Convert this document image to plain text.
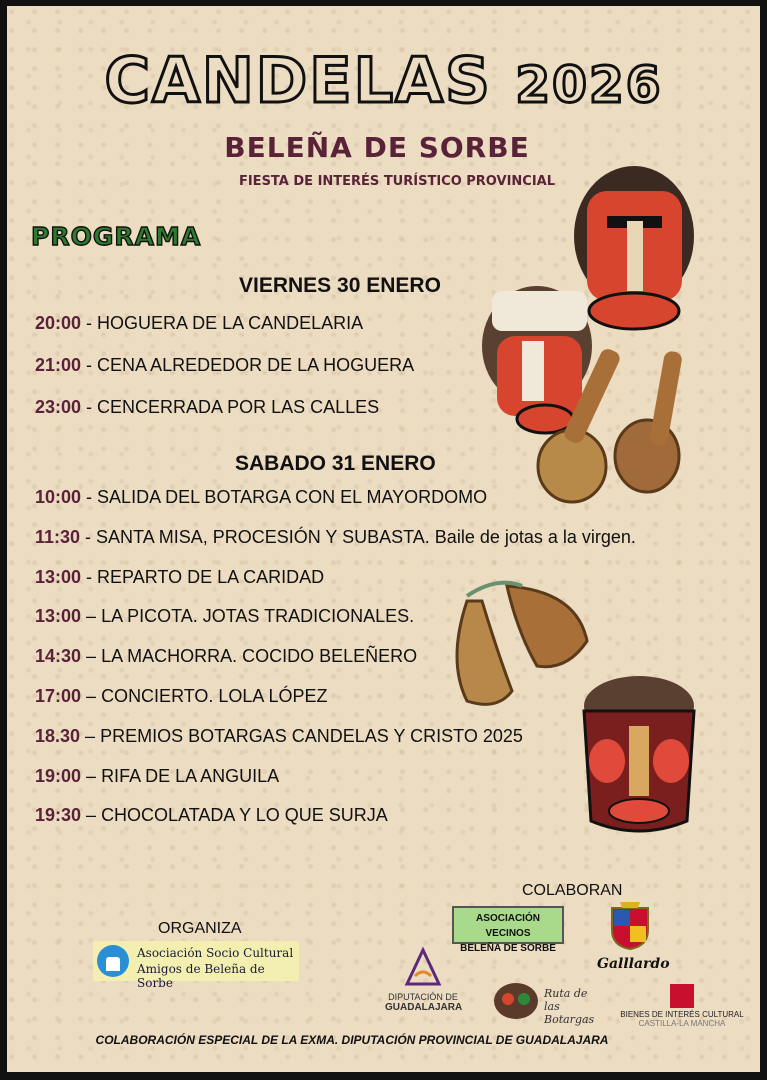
CANDELAS 2026
BELEÑA DE SORBE
FIESTA DE INTERÉS TURÍSTICO PROVINCIAL
PROGRAMA
VIERNES 30 ENERO
20:00 - HOGUERA DE LA CANDELARIA
21:00 - CENA ALREDEDOR DE LA HOGUERA
23:00 - CENCERRADA POR LAS CALLES
SABADO 31 ENERO
10:00 - SALIDA DEL BOTARGA CON EL MAYORDOMO
11:30 - SANTA MISA, PROCESIÓN Y SUBASTA. Baile de jotas a la virgen.
13:00 - REPARTO DE LA CARIDAD
13:00 – LA PICOTA. JOTAS TRADICIONALES.
14:30 – LA MACHORRA. COCIDO BELEÑERO
17:00 – CONCIERTO. LOLA LÓPEZ
18.30 – PREMIOS BOTARGAS CANDELAS Y CRISTO 2025
19:00 – RIFA DE LA ANGUILA
19:30 – CHOCOLATADA Y LO QUE SURJA
ORGANIZA
Asociación Socio Cultural
Amigos de Beleña de Sorbe
COLABORAN
ASOCIACIÓN VECINOS
BELEÑA DE SORBE
DIPUTACIÓN DE
GUADALAJARA
Ruta de las Botargas
Galllardo
BIENES DE INTERÉS CULTURAL
CASTILLA-LA MANCHA
COLABORACIÓN ESPECIAL DE LA EXMA. DIPUTACIÓN PROVINCIAL DE GUADALAJARA
